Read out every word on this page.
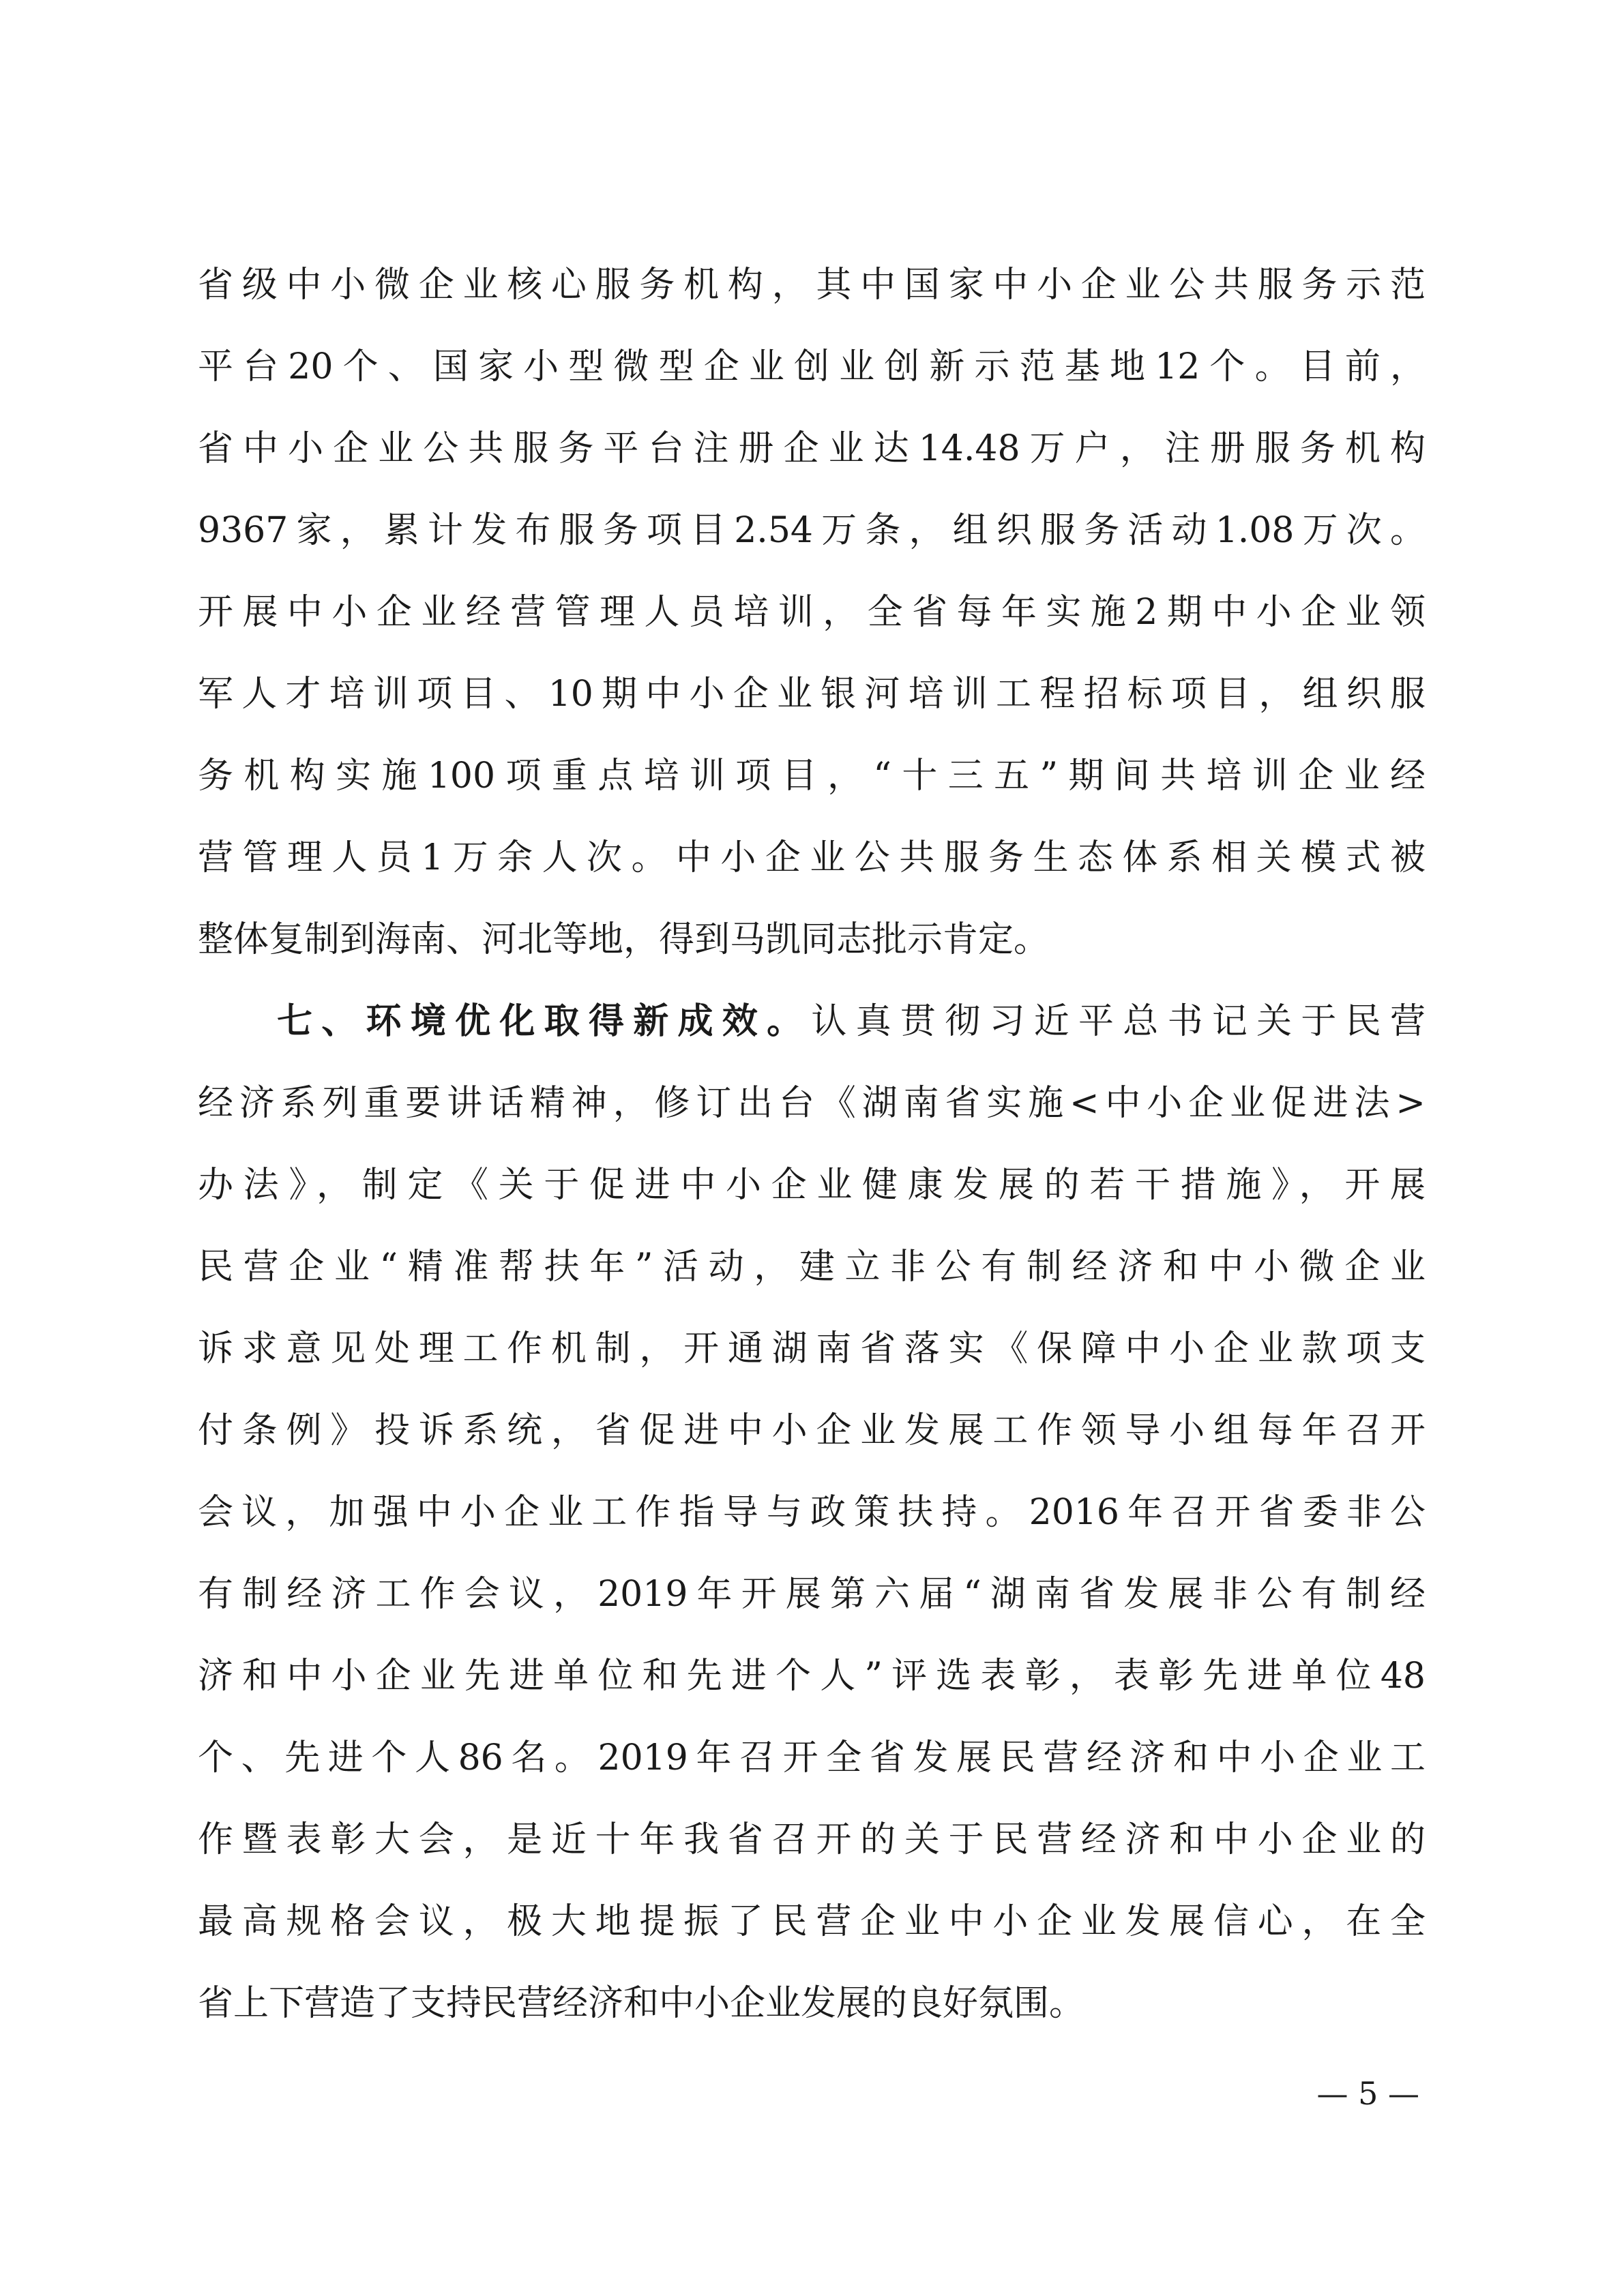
省级中小微企业核心服务机构，其中国家中小企业公共服务示范
平台20个、国家小型微型企业创业创新示范基地12个。目前，
省中小企业公共服务平台注册企业达14.48万户，注册服务机构
9367家，累计发布服务项目2.54万条，组织服务活动1.08万次。
开展中小企业经营管理人员培训，全省每年实施2期中小企业领
军人才培训项目、10期中小企业银河培训工程招标项目，组织服
务机构实施100项重点培训项目，“十三五”期间共培训企业经
营管理人员1万余人次。中小企业公共服务生态体系相关模式被
整体复制到海南、河北等地，得到马凯同志批示肯定。
七、环境优化取得新成效。认真贯彻习近平总书记关于民营
经济系列重要讲话精神，修订出台《湖南省实施<中小企业促进法>
办法》，制定《关于促进中小企业健康发展的若干措施》，开展
民营企业“精准帮扶年”活动，建立非公有制经济和中小微企业
诉求意见处理工作机制，开通湖南省落实《保障中小企业款项支
付条例》投诉系统，省促进中小企业发展工作领导小组每年召开
会议，加强中小企业工作指导与政策扶持。2016年召开省委非公
有制经济工作会议，2019年开展第六届“湖南省发展非公有制经
济和中小企业先进单位和先进个人”评选表彰，表彰先进单位48
个、先进个人86名。2019年召开全省发展民营经济和中小企业工
作暨表彰大会，是近十年我省召开的关于民营经济和中小企业的
最高规格会议，极大地提振了民营企业中小企业发展信心，在全
省上下营造了支持民营经济和中小企业发展的良好氛围。
— 5 —
